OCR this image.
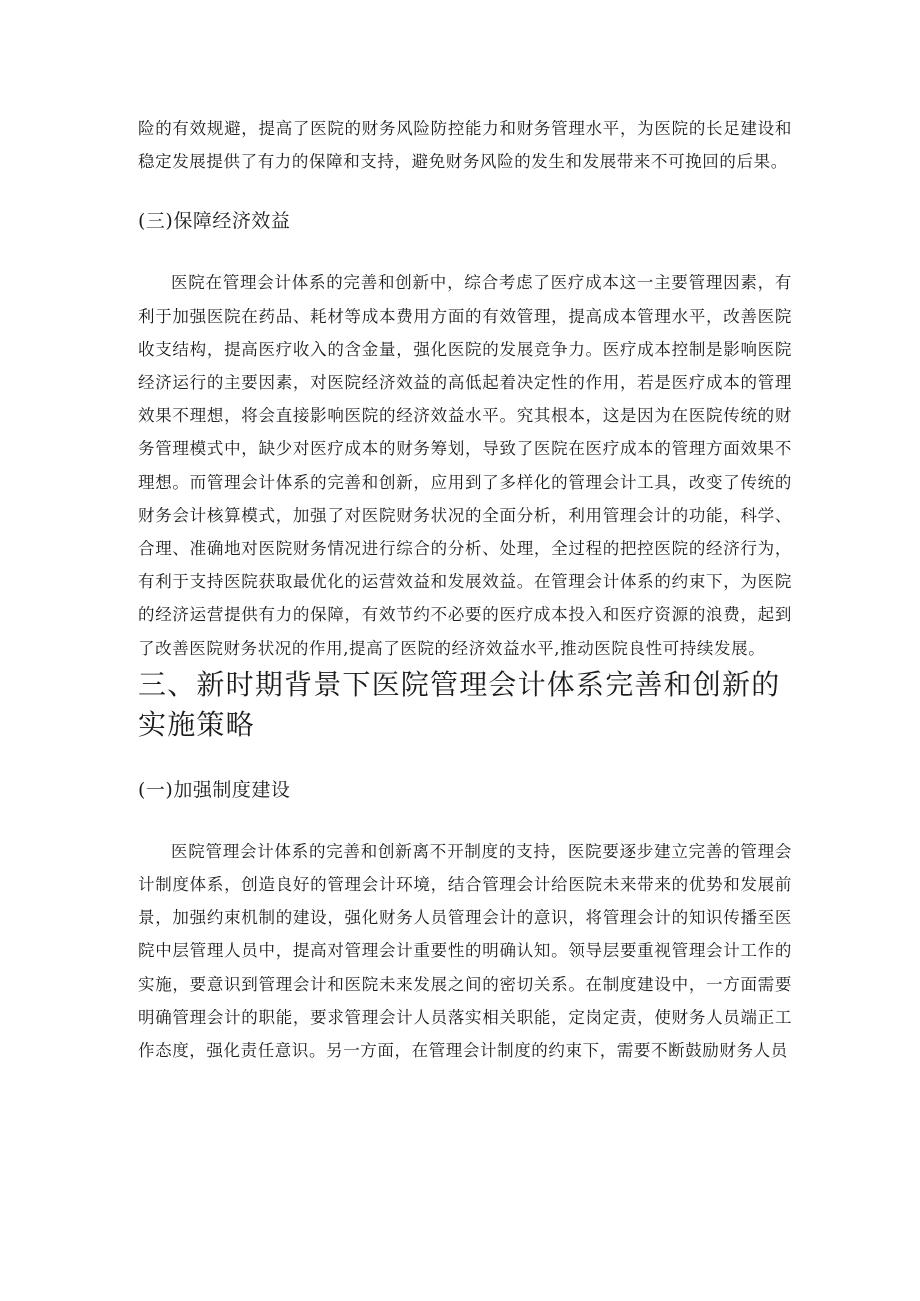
险的有效规避，提高了医院的财务风险防控能力和财务管理水平，为医院的长足建设和稳定发展提供了有力的保障和支持，避免财务风险的发生和发展带来不可挽回的后果。

(三)保障经济效益

医院在管理会计体系的完善和创新中，综合考虑了医疗成本这一主要管理因素，有利于加强医院在药品、耗材等成本费用方面的有效管理，提高成本管理水平，改善医院收支结构，提高医疗收入的含金量，强化医院的发展竞争力。医疗成本控制是影响医院经济运行的主要因素，对医院经济效益的高低起着决定性的作用，若是医疗成本的管理效果不理想，将会直接影响医院的经济效益水平。究其根本，这是因为在医院传统的财务管理模式中，缺少对医疗成本的财务筹划，导致了医院在医疗成本的管理方面效果不理想。而管理会计体系的完善和创新，应用到了多样化的管理会计工具，改变了传统的财务会计核算模式，加强了对医院财务状况的全面分析，利用管理会计的功能，科学、合理、准确地对医院财务情况进行综合的分析、处理，全过程的把控医院的经济行为，有利于支持医院获取最优化的运营效益和发展效益。在管理会计体系的约束下，为医院的经济运营提供有力的保障，有效节约不必要的医疗成本投入和医疗资源的浪费，起到了改善医院财务状况的作用,提高了医院的经济效益水平,推动医院良性可持续发展。

三、新时期背景下医院管理会计体系完善和创新的实施策略

(一)加强制度建设

医院管理会计体系的完善和创新离不开制度的支持，医院要逐步建立完善的管理会计制度体系，创造良好的管理会计环境，结合管理会计给医院未来带来的优势和发展前景，加强约束机制的建设，强化财务人员管理会计的意识，将管理会计的知识传播至医院中层管理人员中，提高对管理会计重要性的明确认知。领导层要重视管理会计工作的实施，要意识到管理会计和医院未来发展之间的密切关系。在制度建设中，一方面需要明确管理会计的职能，要求管理会计人员落实相关职能，定岗定责，使财务人员端正工作态度，强化责任意识。另一方面，在管理会计制度的约束下，需要不断鼓励财务人员
